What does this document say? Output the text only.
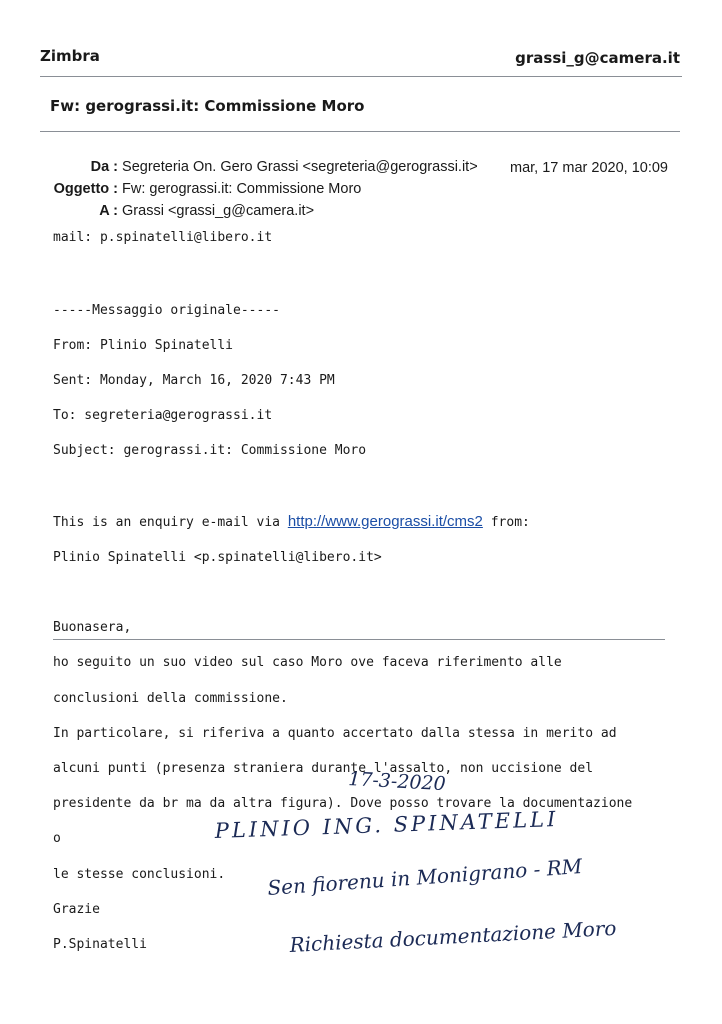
Zimbra	grassi_g@camera.it
Fw: gerograssi.it: Commissione Moro
Da : Segreteria On. Gero Grassi <segreteria@gerograssi.it> mar, 17 mar 2020, 10:09
Oggetto : Fw: gerograssi.it: Commissione Moro
A : Grassi <grassi_g@camera.it>
mail: p.spinatelli@libero.it

-----Messaggio originale-----

From: Plinio Spinatelli

Sent: Monday, March 16, 2020 7:43 PM

To: segreteria@gerograssi.it

Subject: gerograssi.it: Commissione Moro

This is an enquiry e-mail via http://www.gerograssi.it/cms2 from:

Plinio Spinatelli <p.spinatelli@libero.it>

Buonasera,

ho seguito un suo video sul caso Moro ove faceva riferimento alle

conclusioni della commissione.

In particolare, si riferiva a quanto accertato dalla stessa in merito ad

alcuni punti (presenza straniera durante l'assalto, non uccisione del

presidente da br ma da altra figura). Dove posso trovare la documentazione

o

le stesse conclusioni.

Grazie

P.Spinatelli

17-3-2020
PLINIO ING. SPINATELLI
Sen fiorenu in Monigrano - RM
Richiesta documentazione Moro
